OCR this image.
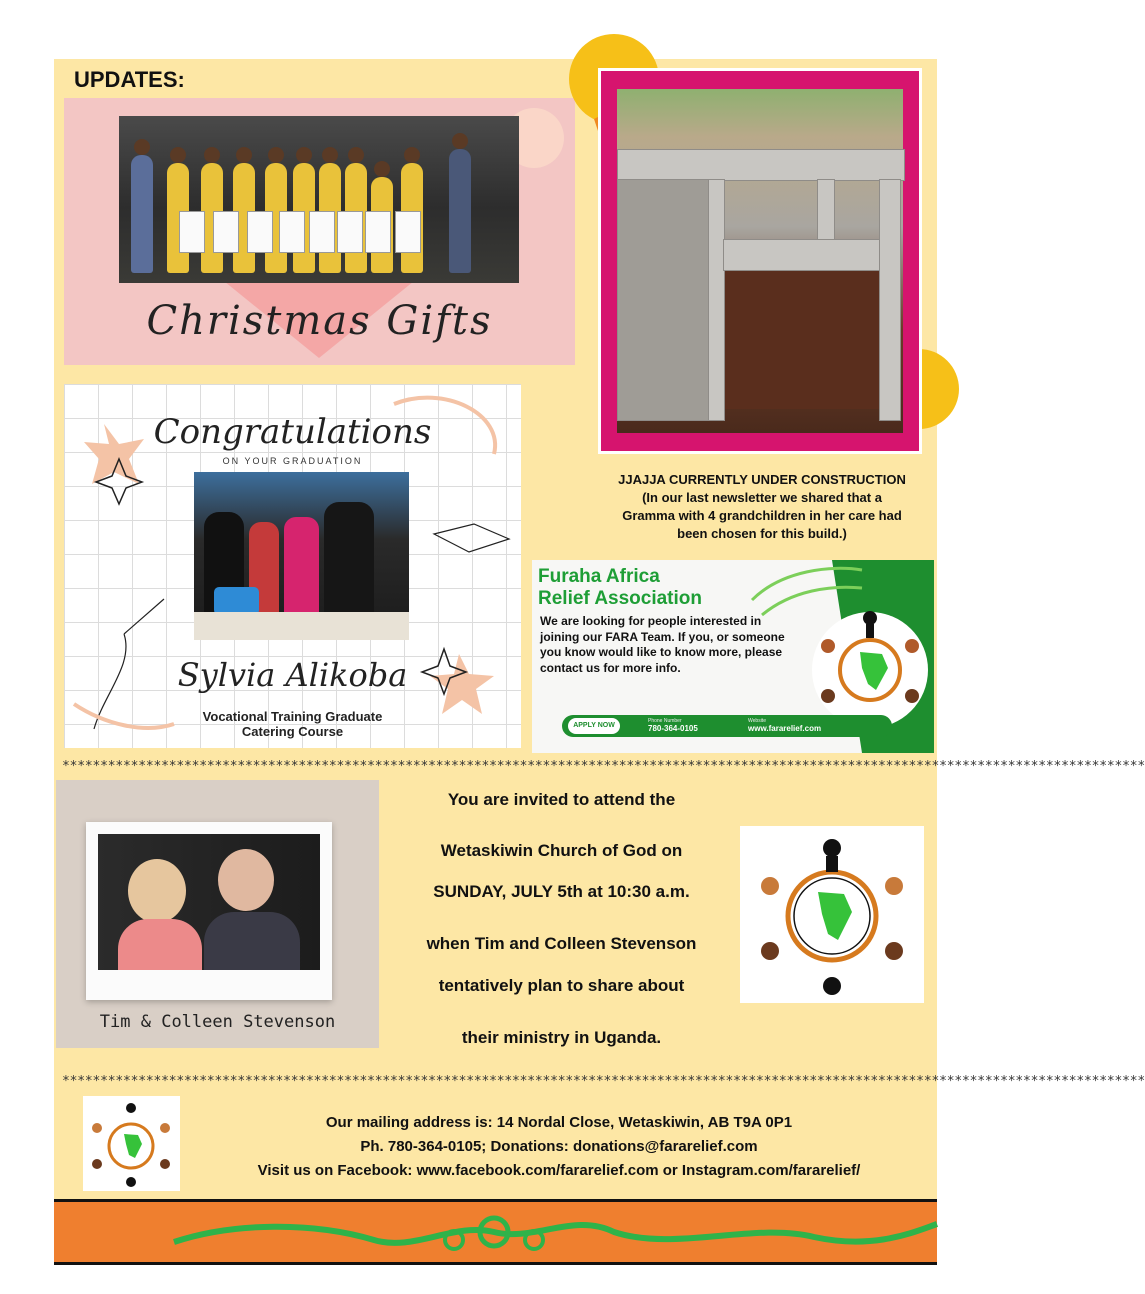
UPDATES:
Christmas Gifts
JJAJJA CURRENTLY UNDER CONSTRUCTION
(In our last newsletter we shared that a
Gramma with 4 grandchildren in her care had
been chosen for this build.)
Congratulations
ON YOUR GRADUATION
Sylvia Alikoba
Vocational Training Graduate
Catering Course
Furaha Africa
Relief Association
We are looking for people interested in joining our FARA Team. If you, or someone you know would like to know more, please contact us for more info.
APPLY NOW
Phone Number
780-364-0105
Website
www.fararelief.com
**********************************************************************************************************************************************
Tim & Colleen Stevenson
You are invited to attend the
Wetaskiwin Church of God on
SUNDAY, JULY 5th at 10:30 a.m.
when Tim and Colleen Stevenson
tentatively plan to share about
their ministry in Uganda.
**********************************************************************************************************************************************
Our mailing address is: 14 Nordal Close, Wetaskiwin, AB T9A 0P1
Ph. 780-364-0105; Donations: donations@fararelief.com
Visit us on Facebook: www.facebook.com/fararelief.com or Instagram.com/fararelief/
